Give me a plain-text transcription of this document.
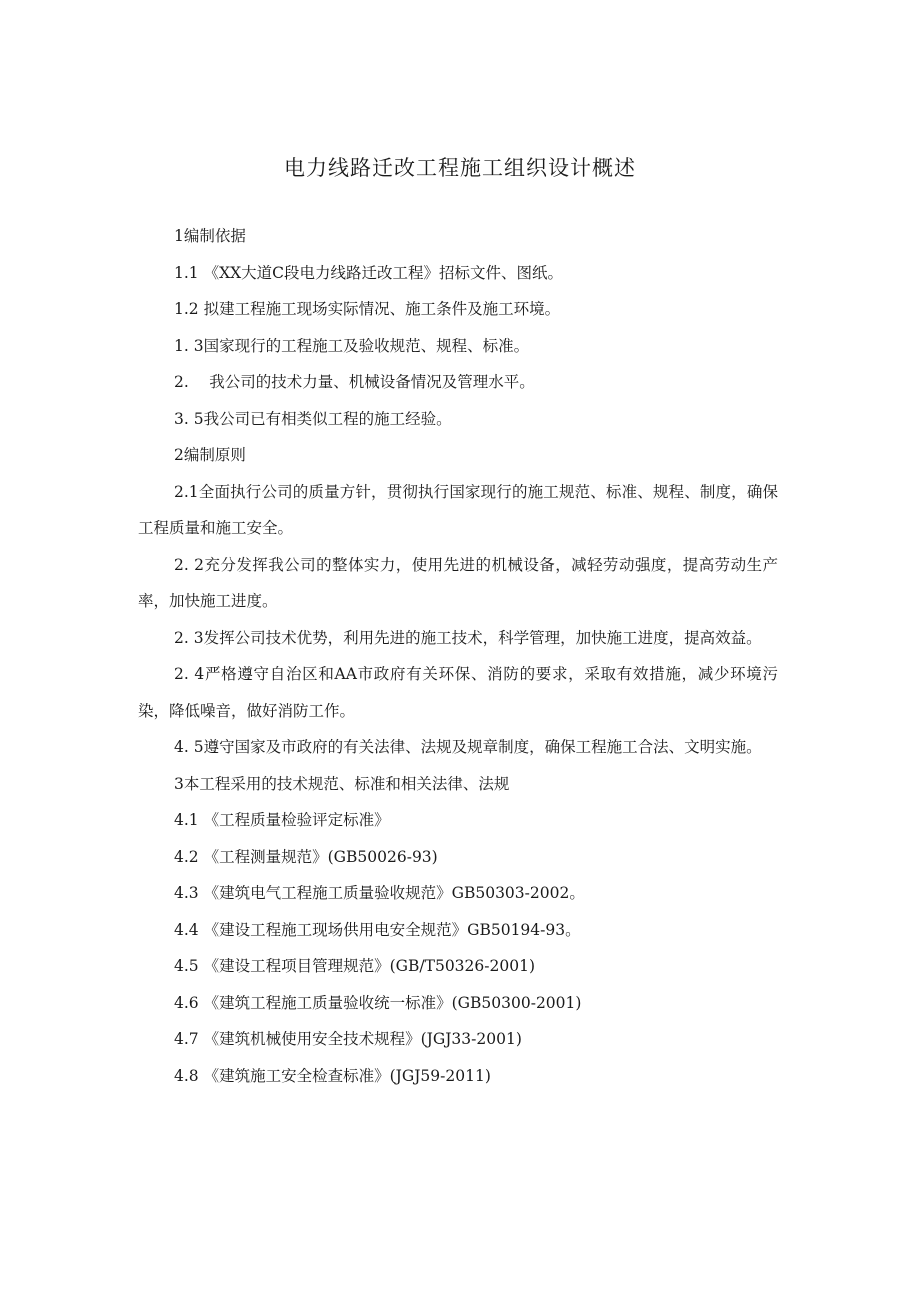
电力线路迁改工程施工组织设计概述

1编制依据

1.1 《XX大道C段电力线路迁改工程》招标文件、图纸。

1.2 拟建工程施工现场实际情况、施工条件及施工环境。

1. 3国家现行的工程施工及验收规范、规程、标准。

2.　 我公司的技术力量、机械设备情况及管理水平。

3. 5我公司已有相类似工程的施工经验。

2编制原则

2.1全面执行公司的质量方针，贯彻执行国家现行的施工规范、标准、规程、制度，确保工程质量和施工安全。

2. 2充分发挥我公司的整体实力，使用先进的机械设备，减轻劳动强度，提高劳动生产率，加快施工进度。

2. 3发挥公司技术优势，利用先进的施工技术，科学管理，加快施工进度，提高效益。

2. 4严格遵守自治区和AA市政府有关环保、消防的要求，采取有效措施，减少环境污染，降低噪音，做好消防工作。

4. 5遵守国家及市政府的有关法律、法规及规章制度，确保工程施工合法、文明实施。

3本工程采用的技术规范、标准和相关法律、法规

4.1 《工程质量检验评定标准》

4.2 《工程测量规范》(GB50026-93)

4.3 《建筑电气工程施工质量验收规范》GB50303-2002。

4.4 《建设工程施工现场供用电安全规范》GB50194-93。

4.5 《建设工程项目管理规范》(GB/T50326-2001)

4.6 《建筑工程施工质量验收统一标准》(GB50300-2001)

4.7 《建筑机械使用安全技术规程》(JGJ33-2001)

4.8 《建筑施工安全检查标准》(JGJ59-2011)
